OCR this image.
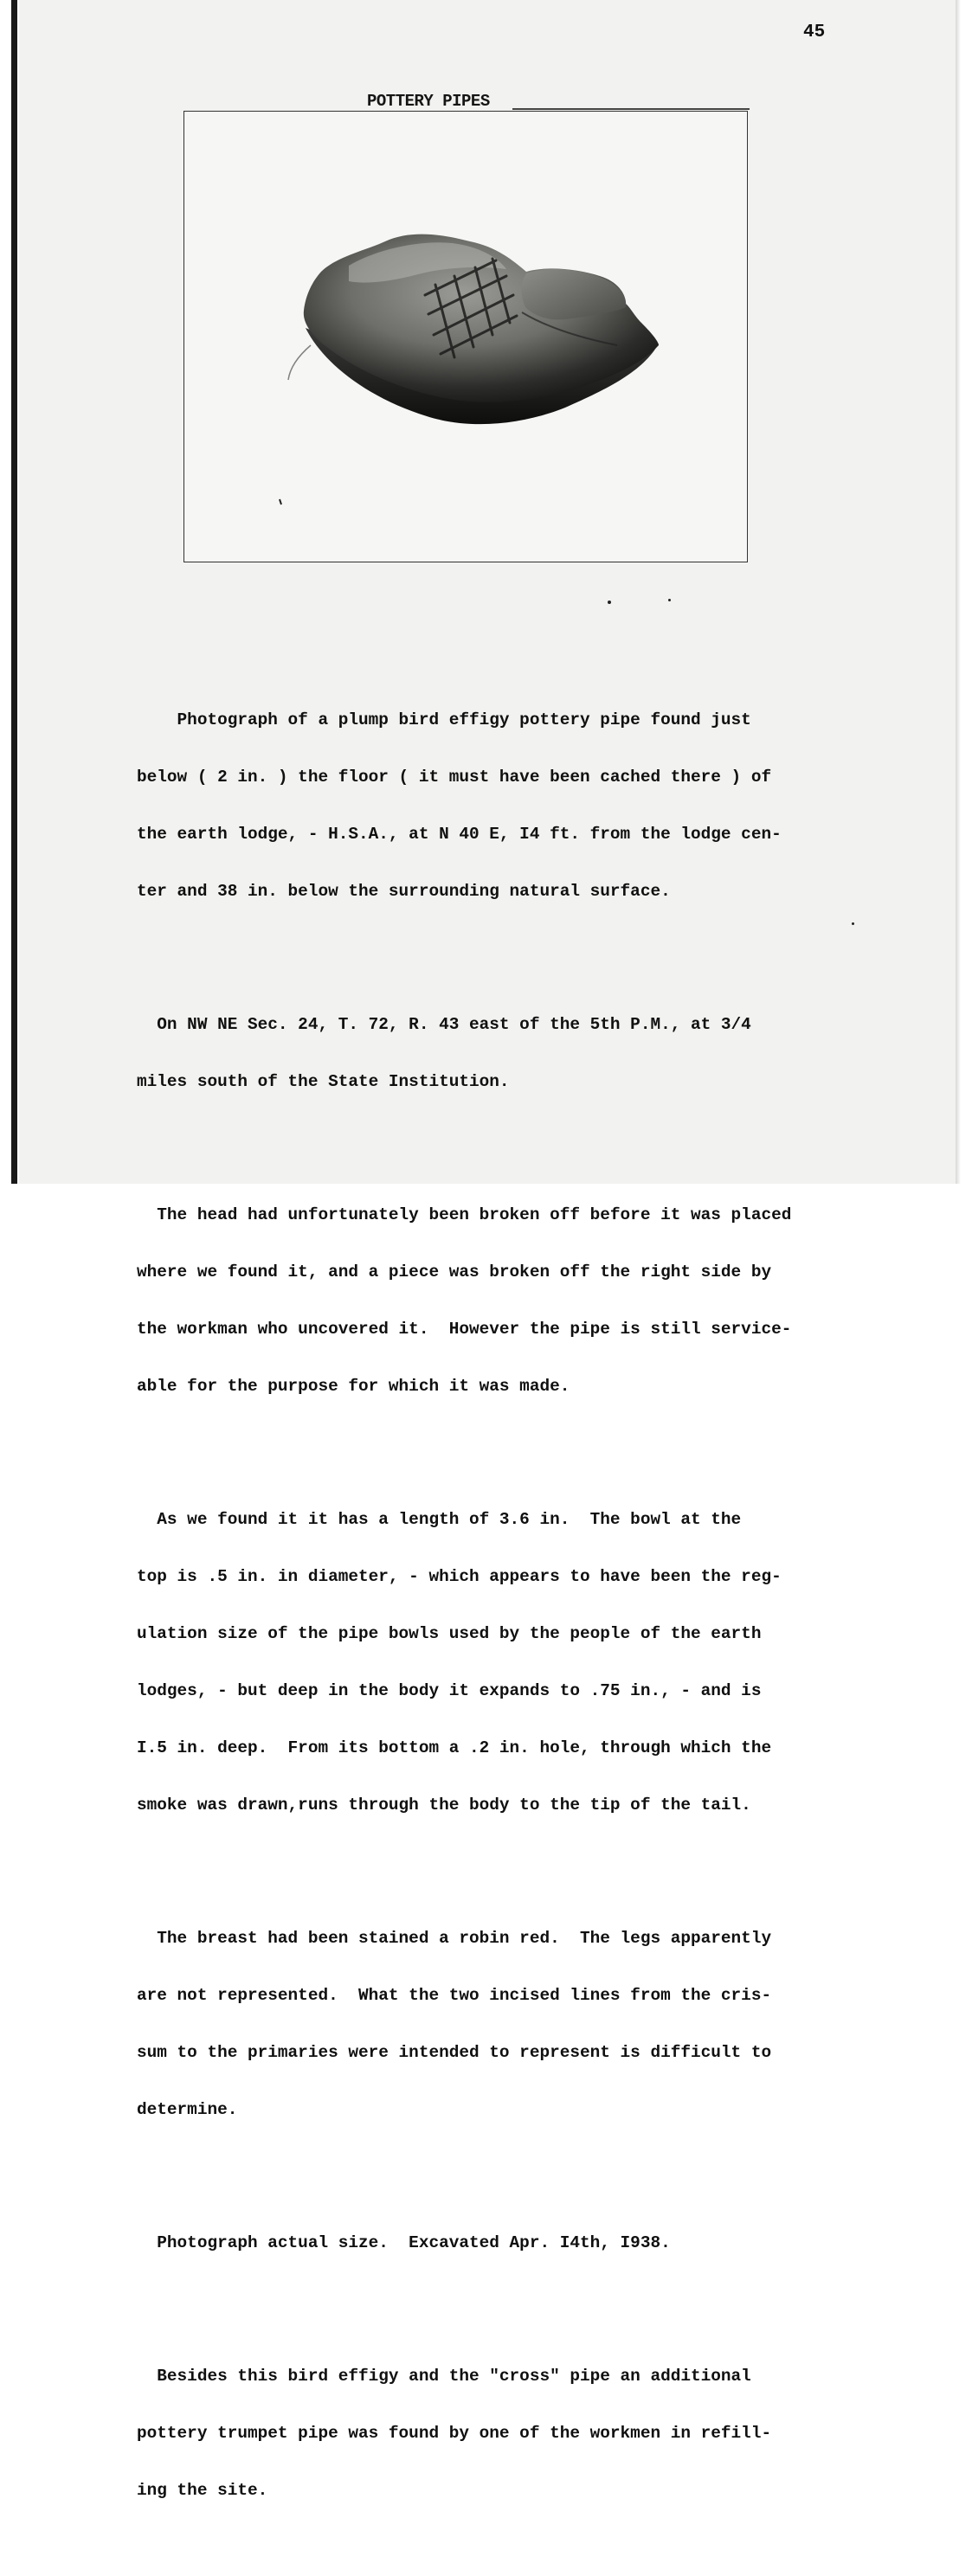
45
POTTERY PIPES

Photograph of a plump bird effigy pottery pipe found just

below ( 2 in. ) the floor ( it must have been cached there ) of

the earth lodge, - H.S.A., at N 40 E, I4 ft. from the lodge cen-

ter and 38 in. below the surrounding natural surface.

On NW NE Sec. 24, T. 72, R. 43 east of the 5th P.M., at 3/4

miles south of the State Institution.

The head had unfortunately been broken off before it was placed

where we found it, and a piece was broken off the right side by

the workman who uncovered it.  However the pipe is still service-

able for the purpose for which it was made.

As we found it it has a length of 3.6 in.  The bowl at the

top is .5 in. in diameter, - which appears to have been the reg-

ulation size of the pipe bowls used by the people of the earth

lodges, - but deep in the body it expands to .75 in., - and is

I.5 in. deep.  From its bottom a .2 in. hole, through which the

smoke was drawn,runs through the body to the tip of the tail.

The breast had been stained a robin red.  The legs apparently

are not represented.  What the two incised lines from the cris-

sum to the primaries were intended to represent is difficult to

determine.

Photograph actual size.  Excavated Apr. I4th, I938.

Besides this bird effigy and the "cross" pipe an additional

pottery trumpet pipe was found by one of the workmen in refill-

ing the site.
